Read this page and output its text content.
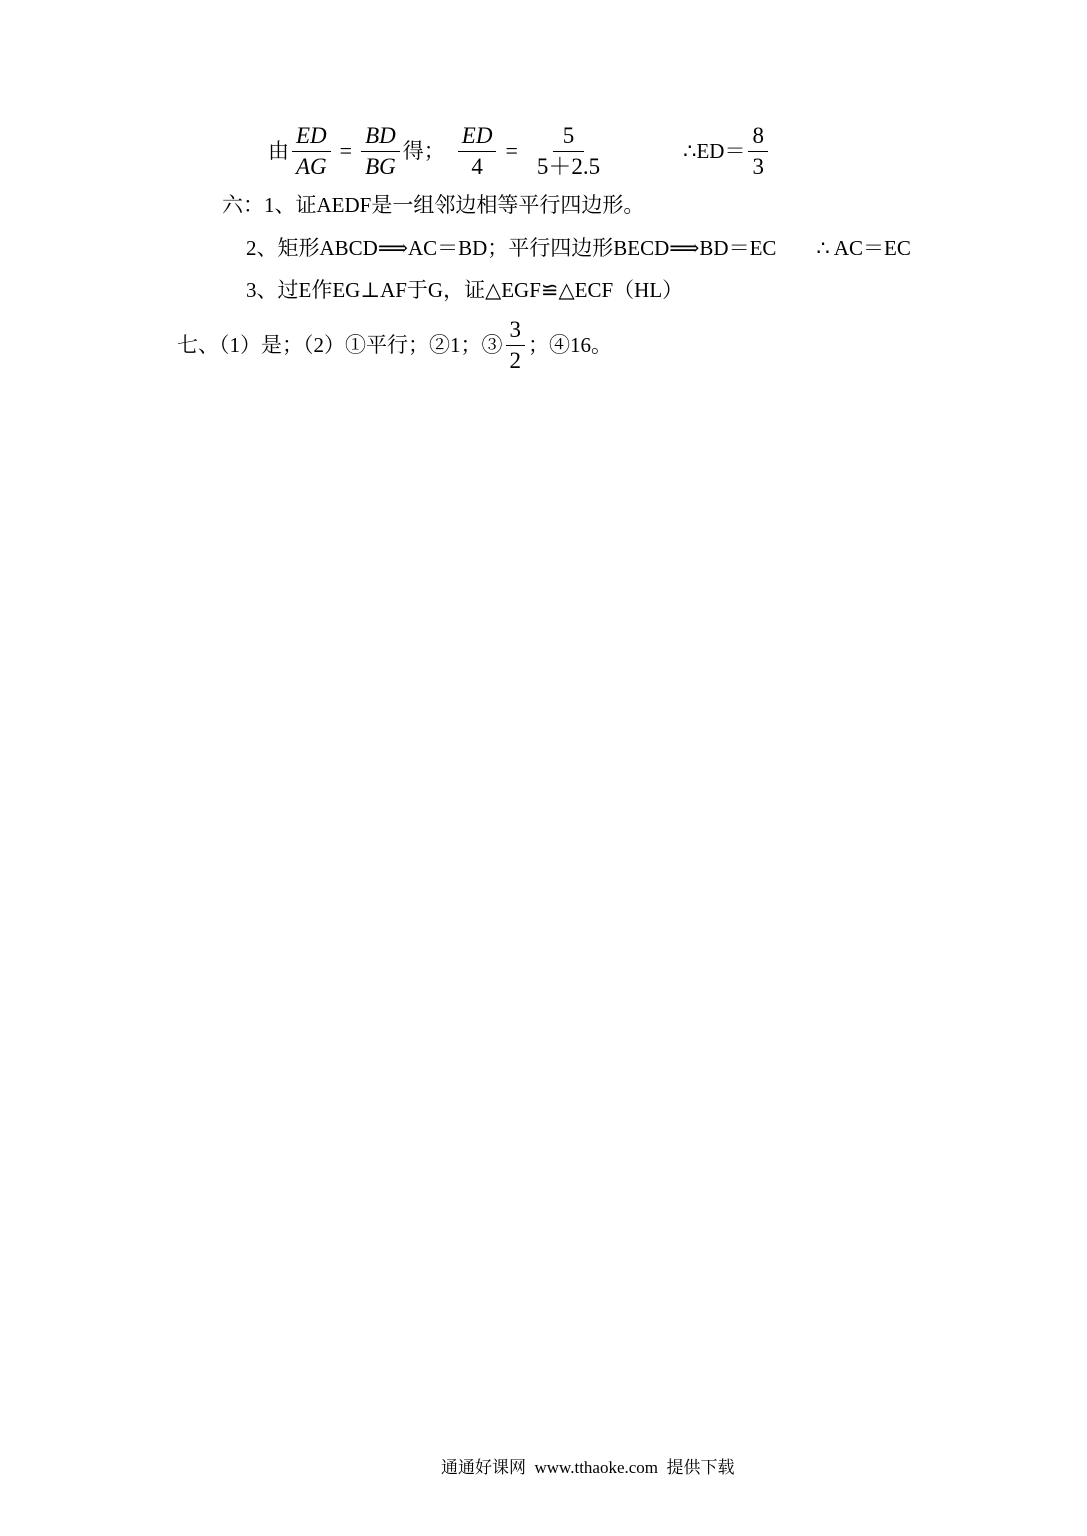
由 $\frac{ED}{AG} = \frac{BD}{BG}$ 得； $\frac{ED}{4} = \frac{5}{5+2.5}$	∴ED＝ $\frac{8}{3}$
六：1、证AEDF是一组邻边相等平行四边形。
2、矩形ABCD⟹AC＝BD；平行四边形BECD⟹BD＝EC ∴ AC＝EC
3、过E作EG⊥AF于G，证△EGF≌△ECF（HL）
七、（1）是；（2）①平行；②1；③ $\frac{3}{2}$ ；④16。
通通好课网  www.tthaoke.com  提供下载
